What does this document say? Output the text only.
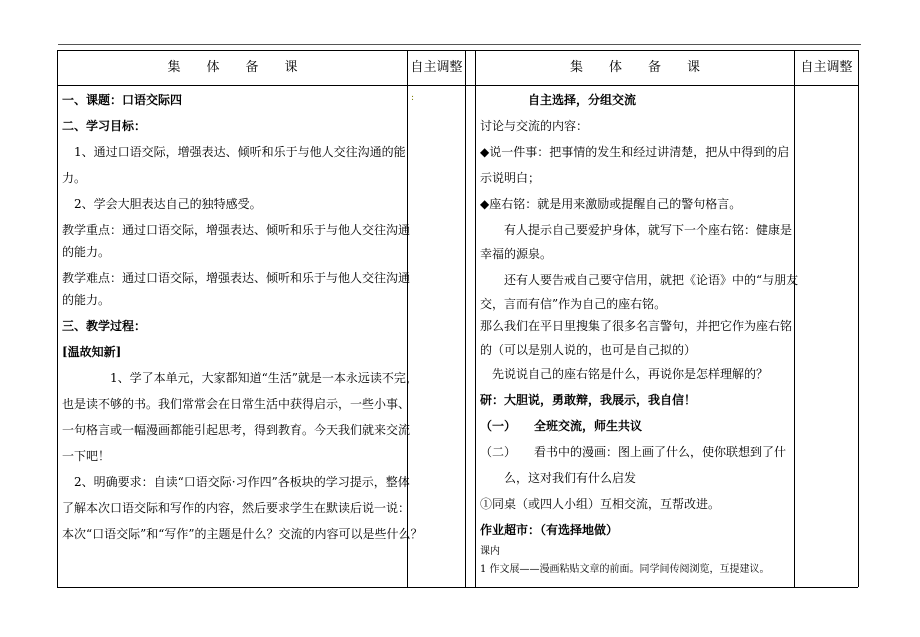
集　　体　　备　　课	自主调整	集　　体　　备　　课	自主调整
:

一、课题：口语交际四

二、学习目标：

1、通过口语交际，增强表达、倾听和乐于与他人交往沟通的能

力。

2、学会大胆表达自己的独特感受。

教学重点：通过口语交际，增强表达、倾听和乐于与他人交往沟通

的能力。

教学难点：通过口语交际，增强表达、倾听和乐于与他人交往沟通

的能力。

三、教学过程：

[温故知新]

1、学了本单元，大家都知道“生活”就是一本永远读不完，

也是读不够的书。我们常常会在日常生活中获得启示，一些小事、

一句格言或一幅漫画都能引起思考，得到教育。今天我们就来交流

一下吧！

2、明确要求：自读“口语交际·习作四”各板块的学习提示，整体

了解本次口语交际和写作的内容，然后要求学生在默读后说一说：

本次“口语交际”和“写作”的主题是什么？交流的内容可以是些什么？

自主选择，分组交流

讨论与交流的内容：

◆说一件事：把事情的发生和经过讲清楚，把从中得到的启

示说明白；

◆座右铭：就是用来激励或提醒自己的警句格言。

有人提示自己要爱护身体，就写下一个座右铭：健康是

幸福的源泉。

还有人要告戒自己要守信用，就把《论语》中的“与朋友

交，言而有信”作为自己的座右铭。

那么我们在平日里搜集了很多名言警句，并把它作为座右铭

的（可以是别人说的，也可是自己拟的）

先说说自己的座右铭是什么，再说你是怎样理解的？

研：大胆说，勇敢辩，我展示，我自信！

（一）　　全班交流，师生共议

（二）　　看书中的漫画：图上画了什么，使你联想到了什

么，这对我们有什么启发

①同桌（或四人小组）互相交流，互帮改进。

作业超市：（有选择地做）

课内

1 作文展——漫画粘贴文章的前面。同学间传阅浏览，互提建议。
